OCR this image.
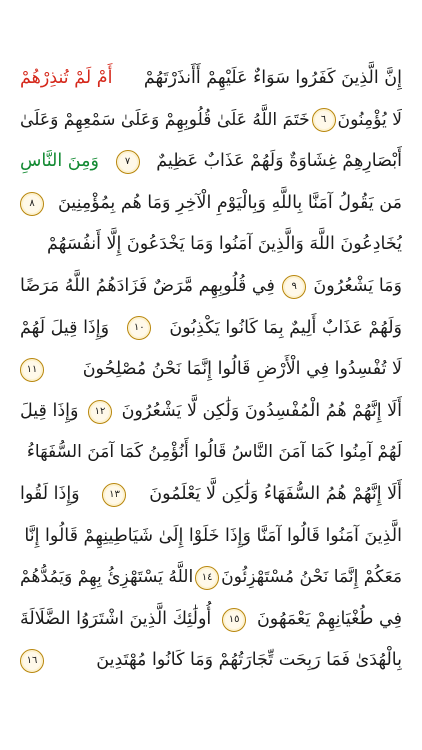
إِنَّ الَّذِينَ كَفَرُوا سَوَاءٌ عَلَيْهِمْ أَأَنذَرْتَهُمْ
أَمْ لَمْ تُنذِرْهُمْ
لَا يُؤْمِنُونَ
٦
خَتَمَ اللَّهُ عَلَىٰ قُلُوبِهِمْ وَعَلَىٰ سَمْعِهِمْ وَعَلَىٰ
أَبْصَارِهِمْ غِشَاوَةٌ وَلَهُمْ عَذَابٌ عَظِيمٌ
٧
وَمِنَ النَّاسِ
مَن يَقُولُ آمَنَّا بِاللَّهِ وَبِالْيَوْمِ الْآخِرِ وَمَا هُم بِمُؤْمِنِينَ
٨
يُخَادِعُونَ اللَّهَ وَالَّذِينَ آمَنُوا وَمَا يَخْدَعُونَ إِلَّا أَنفُسَهُمْ
وَمَا يَشْعُرُونَ
٩
فِي قُلُوبِهِم مَّرَضٌ فَزَادَهُمُ اللَّهُ مَرَضًا
وَلَهُمْ عَذَابٌ أَلِيمٌ بِمَا كَانُوا يَكْذِبُونَ
١٠
وَإِذَا قِيلَ لَهُمْ
لَا تُفْسِدُوا فِي الْأَرْضِ قَالُوا إِنَّمَا نَحْنُ مُصْلِحُونَ
١١
أَلَا إِنَّهُمْ هُمُ الْمُفْسِدُونَ وَلَٰكِن لَّا يَشْعُرُونَ
١٢
وَإِذَا قِيلَ
لَهُمْ آمِنُوا كَمَا آمَنَ النَّاسُ قَالُوا أَنُؤْمِنُ كَمَا آمَنَ السُّفَهَاءُ
أَلَا إِنَّهُمْ هُمُ السُّفَهَاءُ وَلَٰكِن لَّا يَعْلَمُونَ
١٣
وَإِذَا لَقُوا
الَّذِينَ آمَنُوا قَالُوا آمَنَّا وَإِذَا خَلَوْا إِلَىٰ شَيَاطِينِهِمْ قَالُوا إِنَّا
مَعَكُمْ إِنَّمَا نَحْنُ مُسْتَهْزِئُونَ
١٤
اللَّهُ يَسْتَهْزِئُ بِهِمْ وَيَمُدُّهُمْ
فِي طُغْيَانِهِمْ يَعْمَهُونَ
١٥
أُولَٰئِكَ الَّذِينَ اشْتَرَوُا الضَّلَالَةَ
بِالْهُدَىٰ فَمَا رَبِحَت تِّجَارَتُهُمْ وَمَا كَانُوا مُهْتَدِينَ
١٦
